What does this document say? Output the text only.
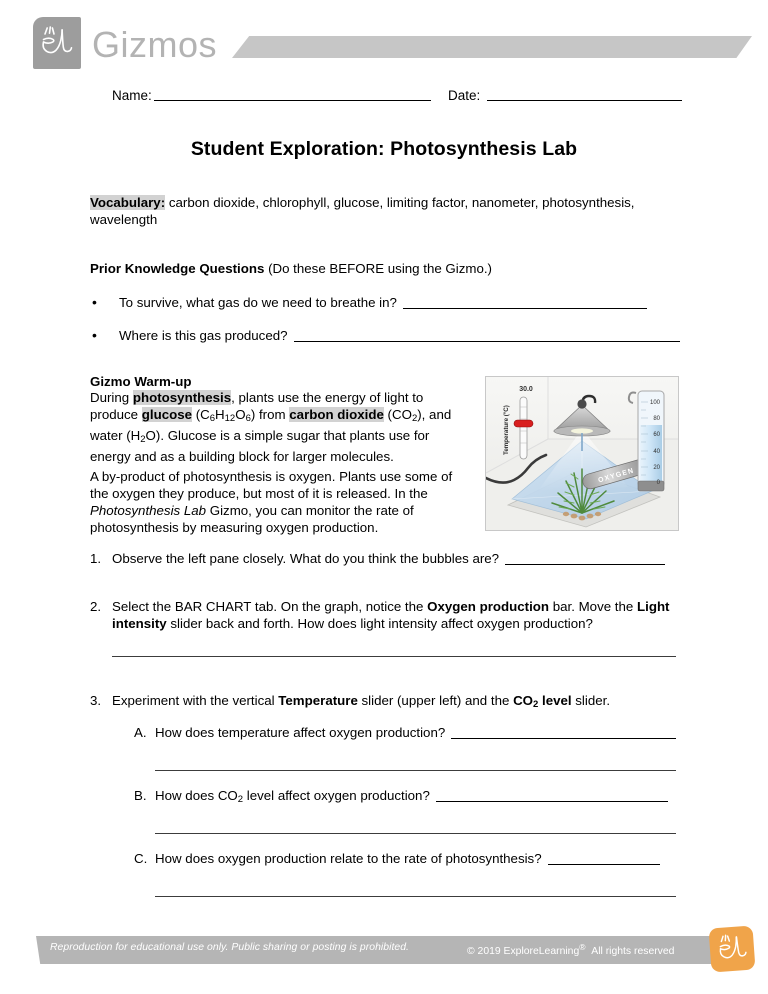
Gizmos
Name:	Date:
Student Exploration: Photosynthesis Lab
Vocabulary: carbon dioxide, chlorophyll, glucose, limiting factor, nanometer, photosynthesis, wavelength
Prior Knowledge Questions (Do these BEFORE using the Gizmo.)
• To survive, what gas do we need to breathe in?
• Where is this gas produced?
Gizmo Warm-up
During photosynthesis, plants use the energy of light to produce glucose $(C_6H_{12}O_6)$ from carbon dioxide $(CO_2)$, and water $(H_2O)$. Glucose is a simple sugar that plants use for energy and as a building block for larger molecules.
A by-product of photosynthesis is oxygen. Plants use some of the oxygen they produce, but most of it is released. In the Photosynthesis Lab Gizmo, you can monitor the rate of photosynthesis by measuring oxygen production.
30.0
Temperature (°C)
OXYGEN
100
80
60
40
20
0
1. Observe the left pane closely. What do you think the bubbles are?
2. Select the BAR CHART tab. On the graph, notice the Oxygen production bar. Move the Light intensity slider back and forth. How does light intensity affect oxygen production?
3. Experiment with the vertical Temperature slider (upper left) and the $CO_2$ level slider.
A. How does temperature affect oxygen production?
B. How does $CO_2$ level affect oxygen production?
C. How does oxygen production relate to the rate of photosynthesis?
Reproduction for educational use only. Public sharing or posting is prohibited.	© 2019 ExploreLearning® All rights reserved
